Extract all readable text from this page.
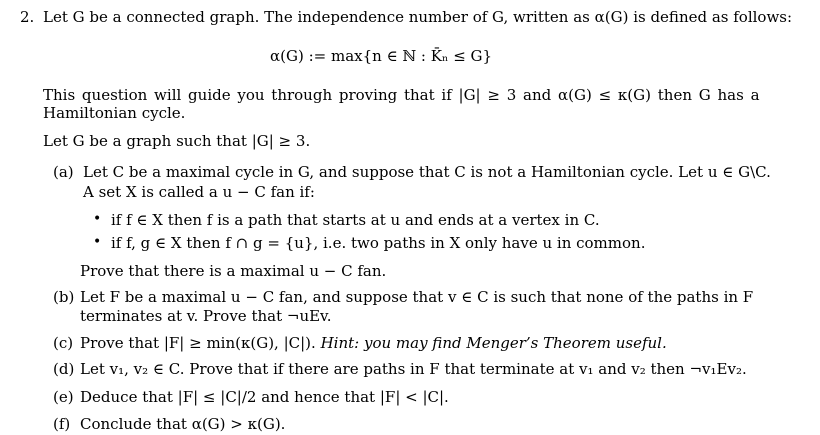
2. Let G be a connected graph. The independence number of G, written as α(G) is defined as follows:
α(G) := max{n ∈ ℕ : K̄ₙ ≤ G}
This question will guide you through proving that if |G| ≥ 3 and α(G) ≤ κ(G) then G has a
Hamiltonian cycle.
Let G be a graph such that |G| ≥ 3.
(a) Let C be a maximal cycle in G, and suppose that C is not a Hamiltonian cycle. Let u ∈ G\C.
A set X is called a u − C fan if:
• if f ∈ X then f is a path that starts at u and ends at a vertex in C.
• if f, g ∈ X then f ∩ g = {u}, i.e. two paths in X only have u in common.
Prove that there is a maximal u − C fan.
(b) Let F be a maximal u − C fan, and suppose that v ∈ C is such that none of the paths in F
terminates at v. Prove that ¬uEv.
(c) Prove that |F| ≥ min(κ(G), |C|). Hint: you may find Menger’s Theorem useful.
(d) Let v₁, v₂ ∈ C. Prove that if there are paths in F that terminate at v₁ and v₂ then ¬v₁Ev₂.
(e) Deduce that |F| ≤ |C|/2 and hence that |F| < |C|.
(f) Conclude that α(G) > κ(G).
